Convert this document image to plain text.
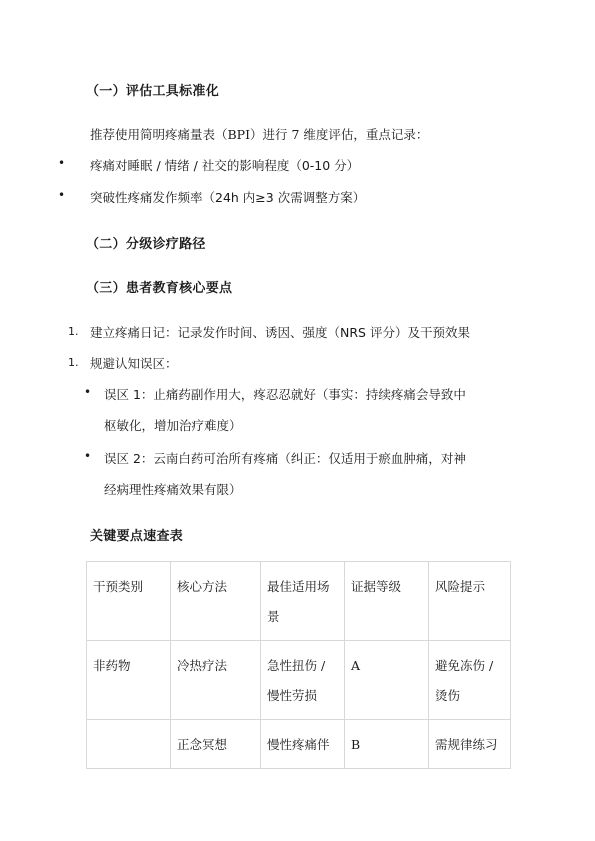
（一）评估工具标准化
推荐使用简明疼痛量表（BPI）进行 7 维度评估，重点记录：
• 疼痛对睡眠 / 情绪 / 社交的影响程度（0-10 分）
• 突破性疼痛发作频率（24h 内≥3 次需调整方案）
（二）分级诊疗路径
（三）患者教育核心要点
1. 建立疼痛日记：记录发作时间、诱因、强度（NRS 评分）及干预效果
1. 规避认知误区：
• 误区 1：止痛药副作用大，疼忍忍就好（事实：持续疼痛会导致中
枢敏化，增加治疗难度）
• 误区 2：云南白药可治所有疼痛（纠正：仅适用于瘀血肿痛，对神
经病理性疼痛效果有限）
关键要点速查表
干预类别	核心方法	最佳适用场景	证据等级	风险提示
非药物	冷热疗法	急性扭伤 / 慢性劳损	A	避免冻伤 / 烫伤
	正念冥想	慢性疼痛伴	B	需规律练习
